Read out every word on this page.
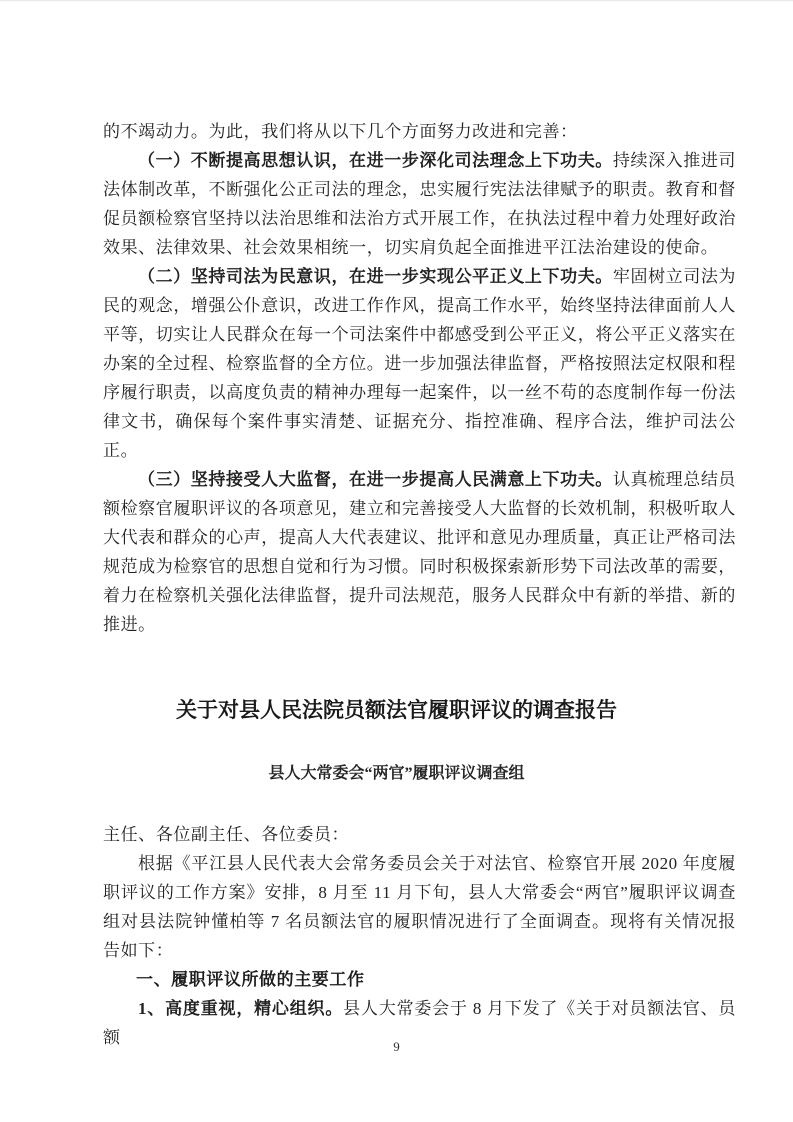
的不竭动力。为此，我们将从以下几个方面努力改进和完善：

（一）不断提高思想认识，在进一步深化司法理念上下功夫。持续深入推进司法体制改革，不断强化公正司法的理念，忠实履行宪法法律赋予的职责。教育和督促员额检察官坚持以法治思维和法治方式开展工作，在执法过程中着力处理好政治效果、法律效果、社会效果相统一，切实肩负起全面推进平江法治建设的使命。

（二）坚持司法为民意识，在进一步实现公平正义上下功夫。牢固树立司法为民的观念，增强公仆意识，改进工作作风，提高工作水平，始终坚持法律面前人人平等，切实让人民群众在每一个司法案件中都感受到公平正义，将公平正义落实在办案的全过程、检察监督的全方位。进一步加强法律监督，严格按照法定权限和程序履行职责，以高度负责的精神办理每一起案件，以一丝不苟的态度制作每一份法律文书，确保每个案件事实清楚、证据充分、指控准确、程序合法，维护司法公正。

（三）坚持接受人大监督，在进一步提高人民满意上下功夫。认真梳理总结员额检察官履职评议的各项意见，建立和完善接受人大监督的长效机制，积极听取人大代表和群众的心声，提高人大代表建议、批评和意见办理质量，真正让严格司法规范成为检察官的思想自觉和行为习惯。同时积极探索新形势下司法改革的需要，着力在检察机关强化法律监督，提升司法规范，服务人民群众中有新的举措、新的推进。

关于对县人民法院员额法官履职评议的调查报告
县人大常委会“两官”履职评议调查组

主任、各位副主任、各位委员：

根据《平江县人民代表大会常务委员会关于对法官、检察官开展 2020 年度履职评议的工作方案》安排，8 月至 11 月下旬，县人大常委会“两官”履职评议调查组对县法院钟懂柏等 7 名员额法官的履职情况进行了全面调查。现将有关情况报告如下：

一、履职评议所做的主要工作

1、高度重视，精心组织。县人大常委会于 8 月下发了《关于对员额法官、员额	9
